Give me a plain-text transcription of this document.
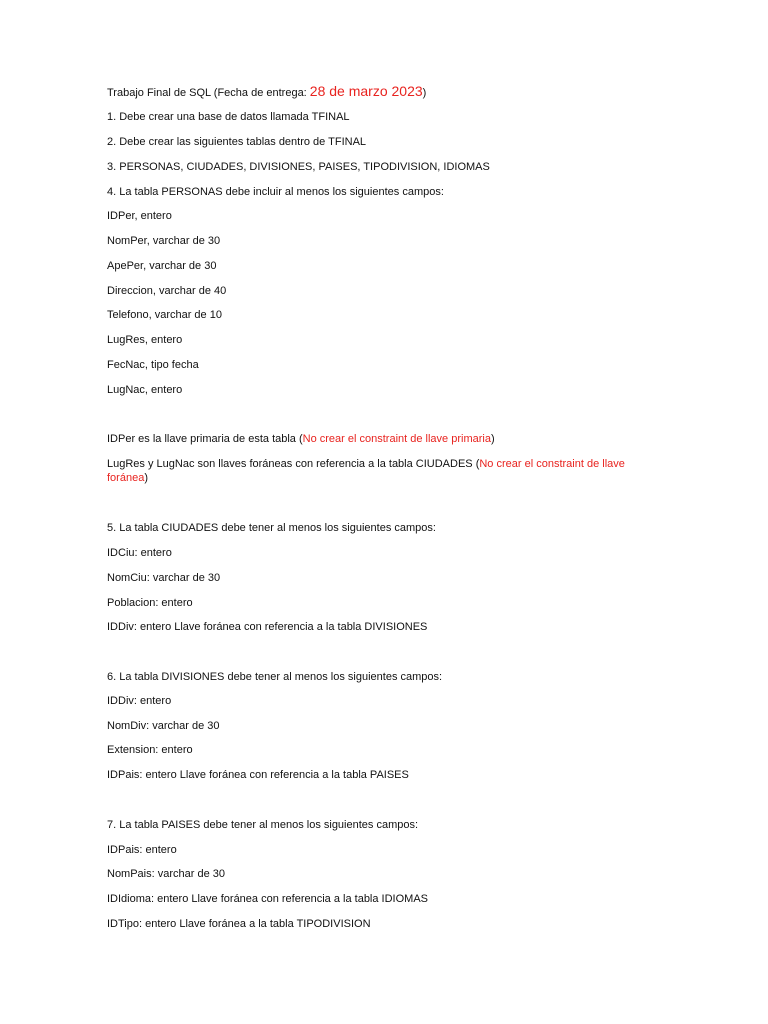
Trabajo Final de SQL (Fecha de entrega: 28 de marzo 2023)
1. Debe crear una base de datos llamada TFINAL
2. Debe crear las siguientes tablas dentro de TFINAL
3. PERSONAS, CIUDADES, DIVISIONES, PAISES, TIPODIVISION, IDIOMAS
4. La tabla PERSONAS debe incluir al menos los siguientes campos:
IDPer, entero
NomPer, varchar de 30
ApePer, varchar de 30
Direccion, varchar de 40
Telefono, varchar de 10
LugRes, entero
FecNac, tipo fecha
LugNac, entero
IDPer es la llave primaria de esta tabla (No crear el constraint de llave primaria)
LugRes y LugNac son llaves foráneas con referencia a la tabla CIUDADES (No crear el constraint de llave foránea)
5. La tabla CIUDADES debe tener al menos los siguientes campos:
IDCiu: entero
NomCiu: varchar de 30
Poblacion: entero
IDDiv: entero Llave foránea con referencia a la tabla DIVISIONES
6. La tabla DIVISIONES debe tener al menos los siguientes campos:
IDDiv: entero
NomDiv: varchar de 30
Extension: entero
IDPais: entero Llave foránea con referencia a la tabla PAISES
7. La tabla PAISES debe tener al menos los siguientes campos:
IDPais: entero
NomPais: varchar de 30
IDIdioma: entero Llave foránea con referencia a la tabla IDIOMAS
IDTipo: entero Llave foránea a la tabla TIPODIVISION
